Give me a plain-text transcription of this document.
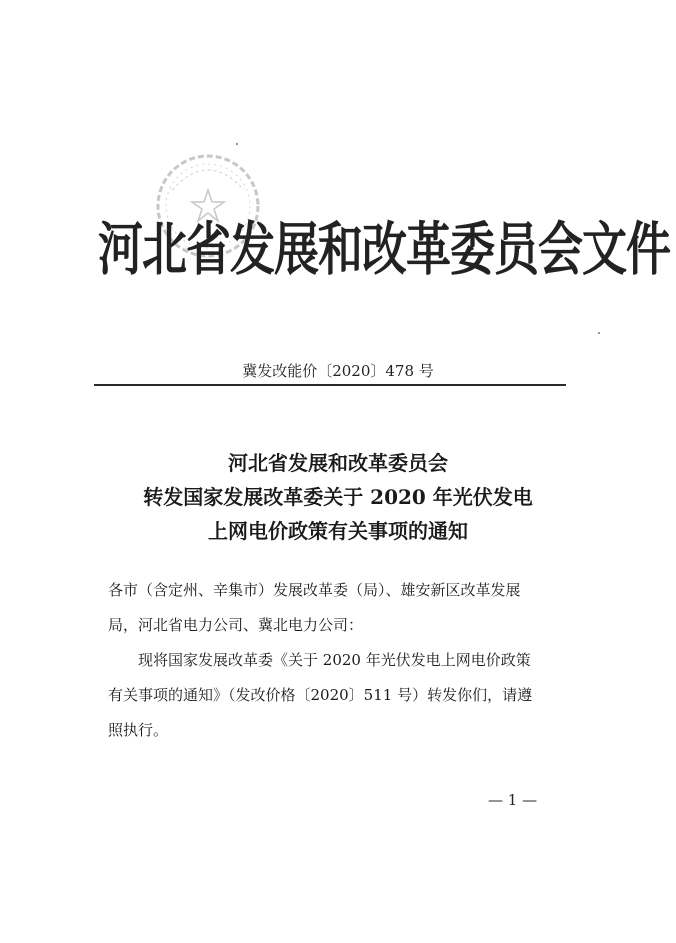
河北省发展和改革委员会文件
冀发改能价〔2020〕478 号
河北省发展和改革委员会
转发国家发展改革委关于 2020 年光伏发电
上网电价政策有关事项的通知
各市（含定州、辛集市）发展改革委（局）、雄安新区改革发展
局，河北省电力公司、冀北电力公司：
现将国家发展改革委《关于 2020 年光伏发电上网电价政策
有关事项的通知》（发改价格〔2020〕511 号）转发你们，请遵
照执行。
— 1 —
